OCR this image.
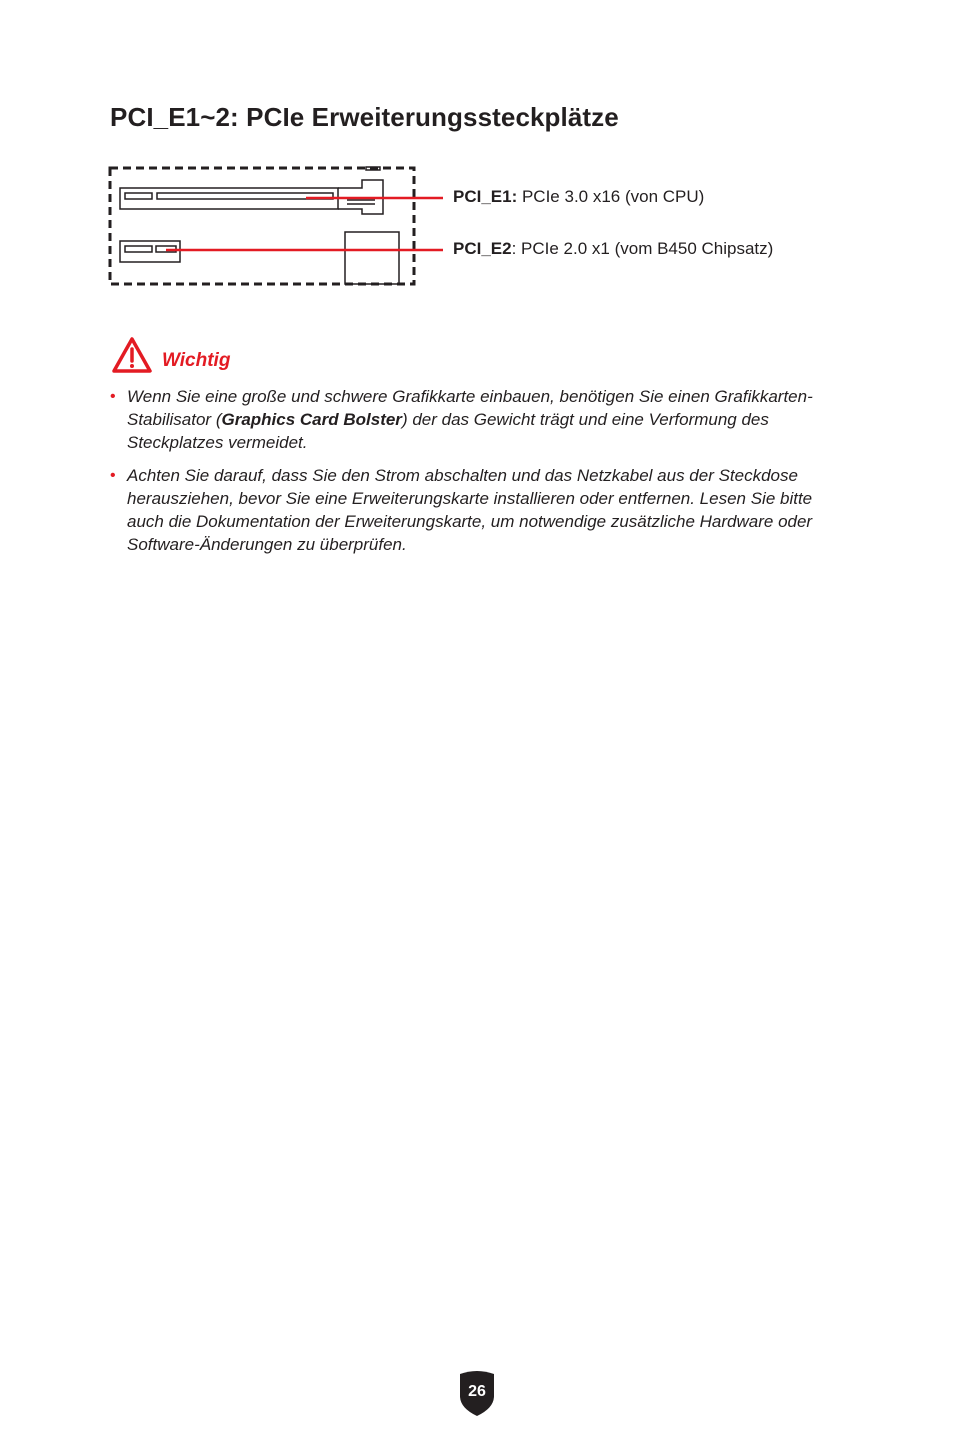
PCI_E1~2: PCIe Erweiterungssteckplätze
PCI_E1: PCIe 3.0 x16 (von CPU)
PCI_E2: PCIe 2.0 x1 (vom B450 Chipsatz)
Wichtig
• Wenn Sie eine große und schwere Grafikkarte einbauen, benötigen Sie einen Grafikkarten-Stabilisator (Graphics Card Bolster) der das Gewicht trägt und eine Verformung des Steckplatzes vermeidet.
• Achten Sie darauf, dass Sie den Strom abschalten und das Netzkabel aus der Steckdose herausziehen, bevor Sie eine Erweiterungskarte installieren oder entfernen. Lesen Sie bitte auch die Dokumentation der Erweiterungskarte, um notwendige zusätzliche Hardware oder Software-Änderungen zu überprüfen.
26
